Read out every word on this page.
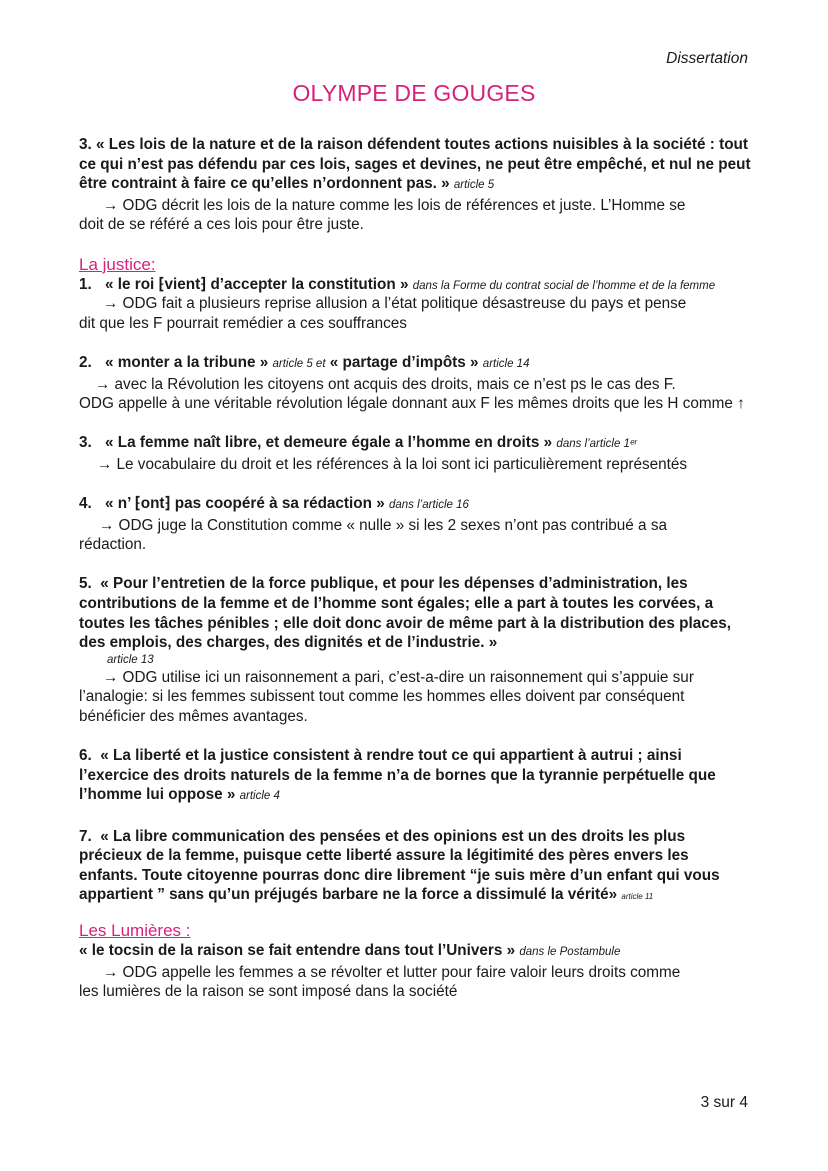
Dissertation
OLYMPE DE GOUGES
3. « Les lois de la nature et de la raison défendent toutes actions nuisibles à la société : tout ce qui n’est pas défendu par ces lois, sages et devines, ne peut être empêché, et nul ne peut être contraint à faire ce qu’elles n’ordonnent pas. » article 5
→ ODG décrit les lois de la nature comme les lois de références et juste. L’Homme se
doit de se référé a ces lois pour être juste.
La justice:
1. « le roi ⁅vient⁆ d’accepter la constitution » dans la Forme du contrat social de l’homme et de la femme
→ ODG fait a plusieurs reprise allusion a l’état politique désastreuse du pays et pense
dit que les F pourrait remédier a ces souffrances
2. « monter a la tribune » article 5 et « partage d’impôts » article 14
→ avec la Révolution les citoyens ont acquis des droits, mais ce n’est ps le cas des F.
ODG appelle à une véritable révolution légale donnant aux F les mêmes droits que les H comme ↑
3. « La femme naît libre, et demeure égale a l’homme en droits » dans l’article 1ᵉʳ
→ Le vocabulaire du droit et les références à la loi sont ici particulièrement représentés
4. « n’ ⁅ont⁆ pas coopéré à sa rédaction » dans l’article 16
→ ODG juge la Constitution comme « nulle » si les 2 sexes n’ont pas contribué a sa
rédaction.
5. « Pour l’entretien de la force publique, et pour les dépenses d’administration, les contributions de la femme et de l’homme sont égales; elle a part à toutes les corvées, a toutes les tâches pénibles ; elle doit donc avoir de même part à la distribution des places, des emplois, des charges, des dignités et de l’industrie. »
article 13
→ ODG utilise ici un raisonnement a pari, c’est-a-dire un raisonnement qui s’appuie sur
l’analogie: si les femmes subissent tout comme les hommes elles doivent par conséquent bénéficier des mêmes avantages.
6. « La liberté et la justice consistent à rendre tout ce qui appartient à autrui ; ainsi l’exercice des droits naturels de la femme n’a de bornes que la tyrannie perpétuelle que l’homme lui oppose » article 4
7. « La libre communication des pensées et des opinions est un des droits les plus précieux de la femme, puisque cette liberté assure la légitimité des pères envers les enfants. Toute citoyenne pourras donc dire librement “je suis mère d’un enfant qui vous appartient ” sans qu’un préjugés barbare ne la force a dissimulé la vérité» article 11
Les Lumières :
« le tocsin de la raison se fait entendre dans tout l’Univers » dans le Postambule
→ ODG appelle les femmes a se révolter et lutter pour faire valoir leurs droits comme
les lumières de la raison se sont imposé dans la société
3 sur 4
